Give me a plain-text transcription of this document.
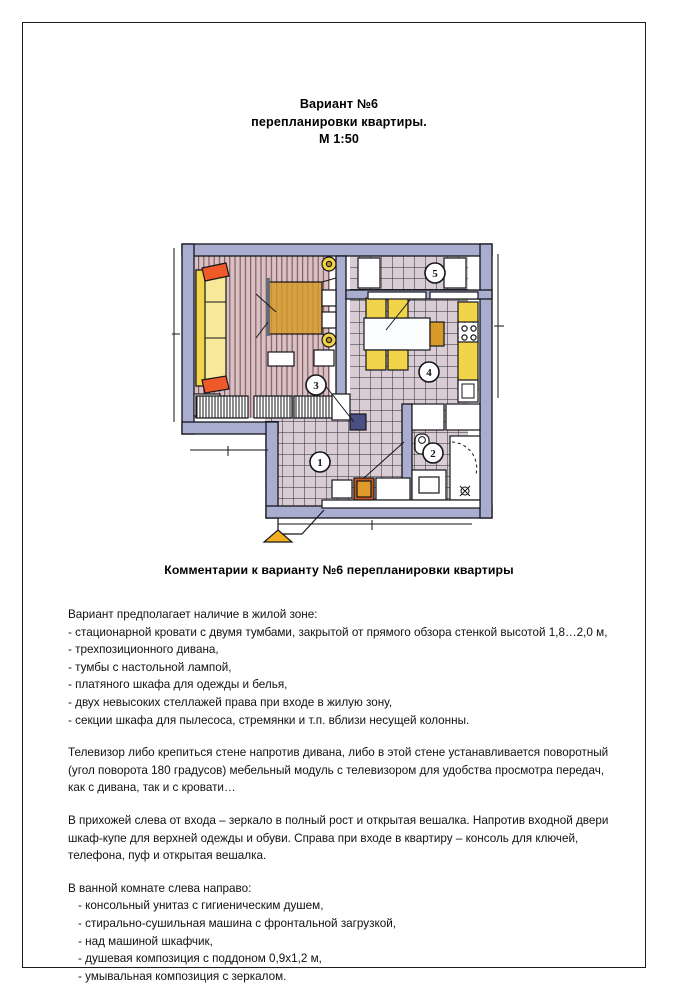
Вариант №6
перепланировки квартиры.
М 1:50
1
2
3
4
5
Комментарии к варианту №6 перепланировки квартиры
Вариант предполагает наличие в жилой зоне:
- стационарной кровати с двумя тумбами, закрытой от прямого обзора стенкой высотой 1,8…2,0 м,
- трехпозиционного дивана,
- тумбы с настольной лампой,
- платяного шкафа для одежды и белья,
- двух невысоких стеллажей права при входе в жилую зону,
- секции шкафа для пылесоса, стремянки и т.п. вблизи несущей колонны.
Телевизор либо крепиться стене напротив дивана, либо в этой стене устанавливается поворотный
(угол поворота 180 градусов) мебельный модуль с телевизором для удобства просмотра передач,
как с дивана, так и с кровати…
В прихожей слева от входа – зеркало в полный рост и открытая вешалка. Напротив входной двери
шкаф-купе для верхней одежды и обуви. Справа при входе в квартиру – консоль для ключей,
телефона, пуф и открытая вешалка.
В ванной комнате слева направо:
- консольный унитаз с гигиеническим душем,
- стирально-сушильная машина с фронтальной загрузкой,
- над машиной шкафчик,
- душевая композиция с поддоном 0,9х1,2 м,
- умывальная композиция с зеркалом.
